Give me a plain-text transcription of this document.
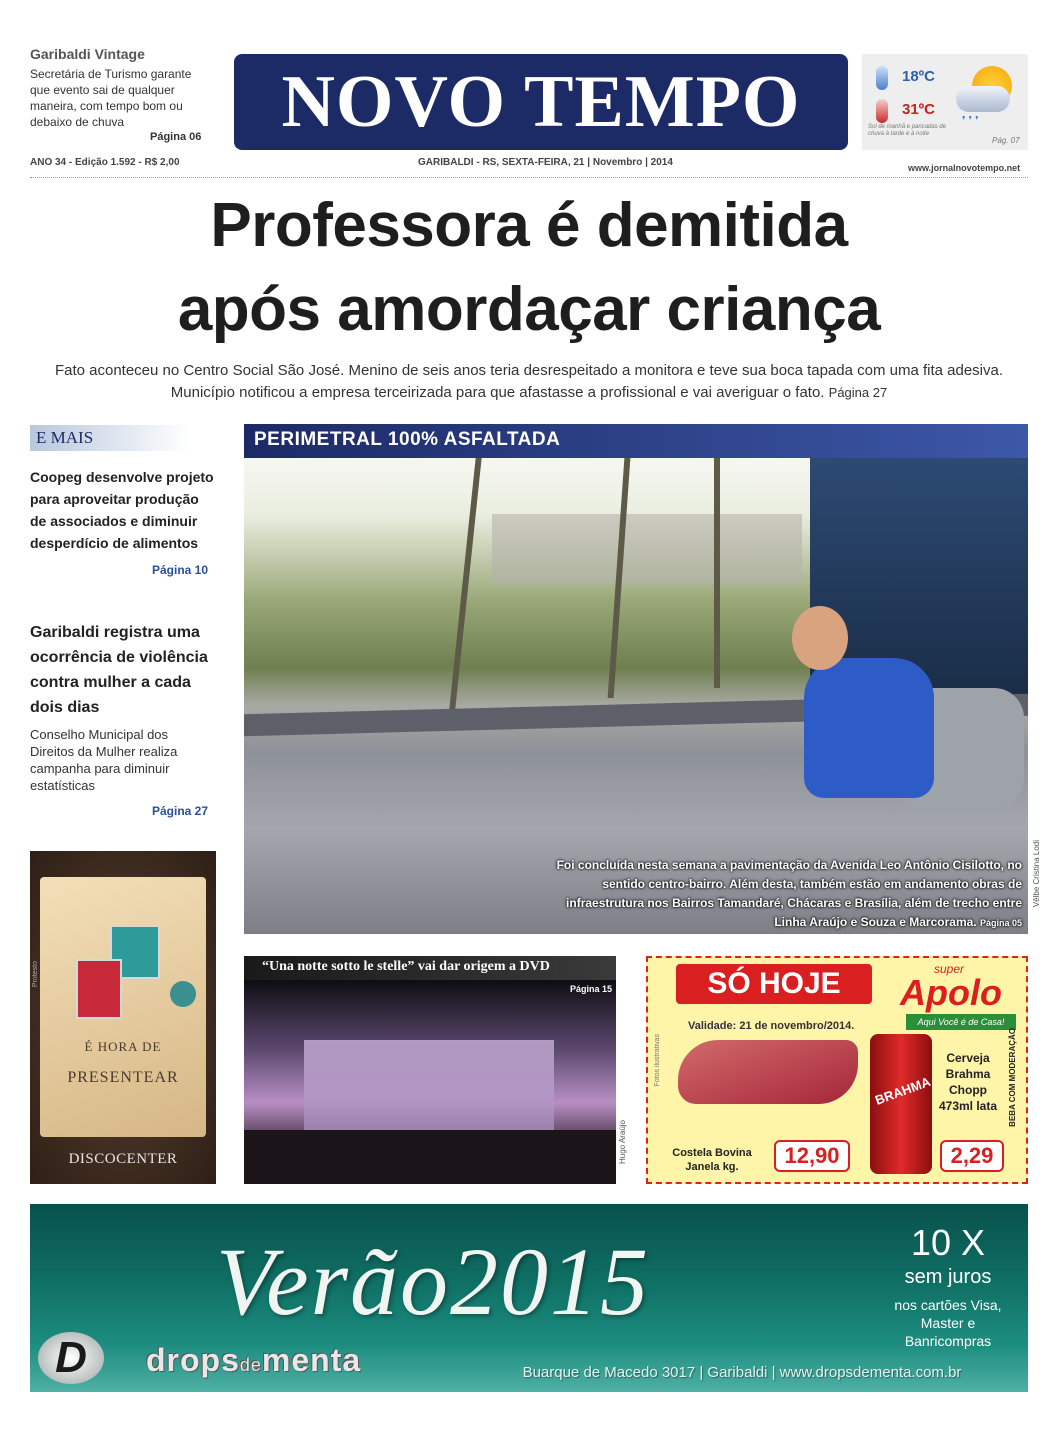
Garibaldi Vintage
Secretária de Turismo garante que evento sai de qualquer maneira, com tempo bom ou debaixo de chuva
Página 06	NOVO TEMPO	18ºC
31ºC
❜❜❜
Sol de manhã e pancadas de chuva à tarde e à noite
Pág. 07
ANO 34 - Edição 1.592 - R$ 2,00	GARIBALDI - RS, SEXTA-FEIRA, 21 | Novembro | 2014	www.jornalnovotempo.net
Professora é demitida
após amordaçar criança
Fato aconteceu no Centro Social São José. Menino de seis anos teria desrespeitado a monitora e teve sua boca tapada com uma fita adesiva. Município notificou a empresa terceirizada para que afastasse a profissional e vai averiguar o fato. Página 27
E MAIS
Coopeg desenvolve projeto para aproveitar produção de associados e diminuir desperdício de alimentos
Página 10
Garibaldi registra uma ocorrência de violência contra mulher a cada dois dias
Conselho Municipal dos Direitos da Mulher realiza campanha para diminuir estatísticas
Página 27
PERIMETRAL 100% ASFALTADA
Foi concluída nesta semana a pavimentação da Avenida Leo Antônio Cisilotto, no sentido centro-bairro. Além desta, também estão em andamento obras de infraestrutura nos Bairros Tamandaré, Chácaras e Brasília, além de trecho entre Linha Araújo e Souza e Marcorama. Página 05
Vêlbe Cristina Lodi
É HORA DE
PRESENTEAR
DISCOCENTER
Protesto	“Una notte sotto le stelle” vai dar origem a DVD
Página 15
Hugo Araújo
SÓ HOJE	super
Apolo
Aqui Você é de Casa!
Validade: 21 de novembro/2014.
Fotos ilustrativas
Costela Bovina Janela kg.	12,90
BRAHMA
Cerveja Brahma Chopp 473ml lata
2,29
BEBA COM MODERAÇÃO
Verão2015	10 X
sem juros
nos cartões Visa, Master e Banricompras
D	dropsdementa	Buarque de Macedo 3017 | Garibaldi | www.dropsdementa.com.br
